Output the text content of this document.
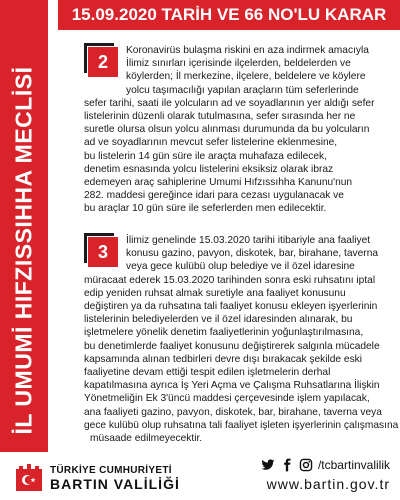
İL UMUMİ HIFZISSIHHA MECLİSİ
15.09.2020 TARİH VE 66 NO'LU KARAR
2

Koronavirüs bulaşma riskini en aza indirmek amacıyla

İlimiz sınırları içerisinde ilçelerden, beldelerden ve

köylerden; İl merkezine, ilçelere, beldelere ve köylere

yolcu taşımacılığı yapılan araçların tüm seferlerinde

sefer tarihi, saati ile yolcuların ad ve soyadlarının yer aldığı sefer

listelerinin düzenli olarak tutulmasına, sefer sırasında her ne

suretle olursa olsun yolcu alınması durumunda da bu yolcuların

ad ve soyadlarının mevcut sefer listelerine eklenmesine,

bu listelerin 14 gün süre ile araçta muhafaza edilecek,

denetim esnasında yolcu listelerini eksiksiz olarak ibraz

edemeyen araç sahiplerine Umumi Hıfzıssıhha Kanunu'nun

282. maddesi gereğince idari para cezası uygulanacak ve

bu araçlar 10 gün süre ile seferlerden men edilecektir.

3

İlimiz genelinde 15.03.2020 tarihi itibariyle ana faaliyet

konusu gazino, pavyon, diskotek, bar, birahane, taverna

veya gece kulübü olup belediye ve il özel idaresine

müracaat ederek 15.03.2020 tarihinden sonra eski ruhsatını iptal

edip yeniden ruhsat almak suretiyle ana faaliyet konusunu

değiştiren ya da ruhsatına tali faaliyet konusu ekleyen işyerlerinin

listelerinin belediyelerden ve il özel idaresinden alınarak, bu

işletmelere yönelik denetim faaliyetlerinin yoğunlaştırılmasına,

bu denetimlerde faaliyet konusunu değiştirerek salgınla mücadele

kapsamında alınan tedbirleri devre dışı bırakacak şekilde eski

faaliyetine devam ettiği tespit edilen işletmelerin derhal

kapatılmasına ayrıca İş Yeri Açma ve Çalışma Ruhsatlarına İlişkin

Yönetmeliğin Ek 3'üncü maddesi çerçevesinde işlem yapılacak,

ana faaliyeti gazino, pavyon, diskotek, bar, birahane, taverna veya

gece kulübü olup ruhsatına tali faaliyet işleten işyerlerinin çalışmasına

müsaade edilmeyecektir.

TÜRKİYE CUMHURİYETİ
BARTIN VALİLİĞİ
/tcbartinvalilik
www.bartin.gov.tr
